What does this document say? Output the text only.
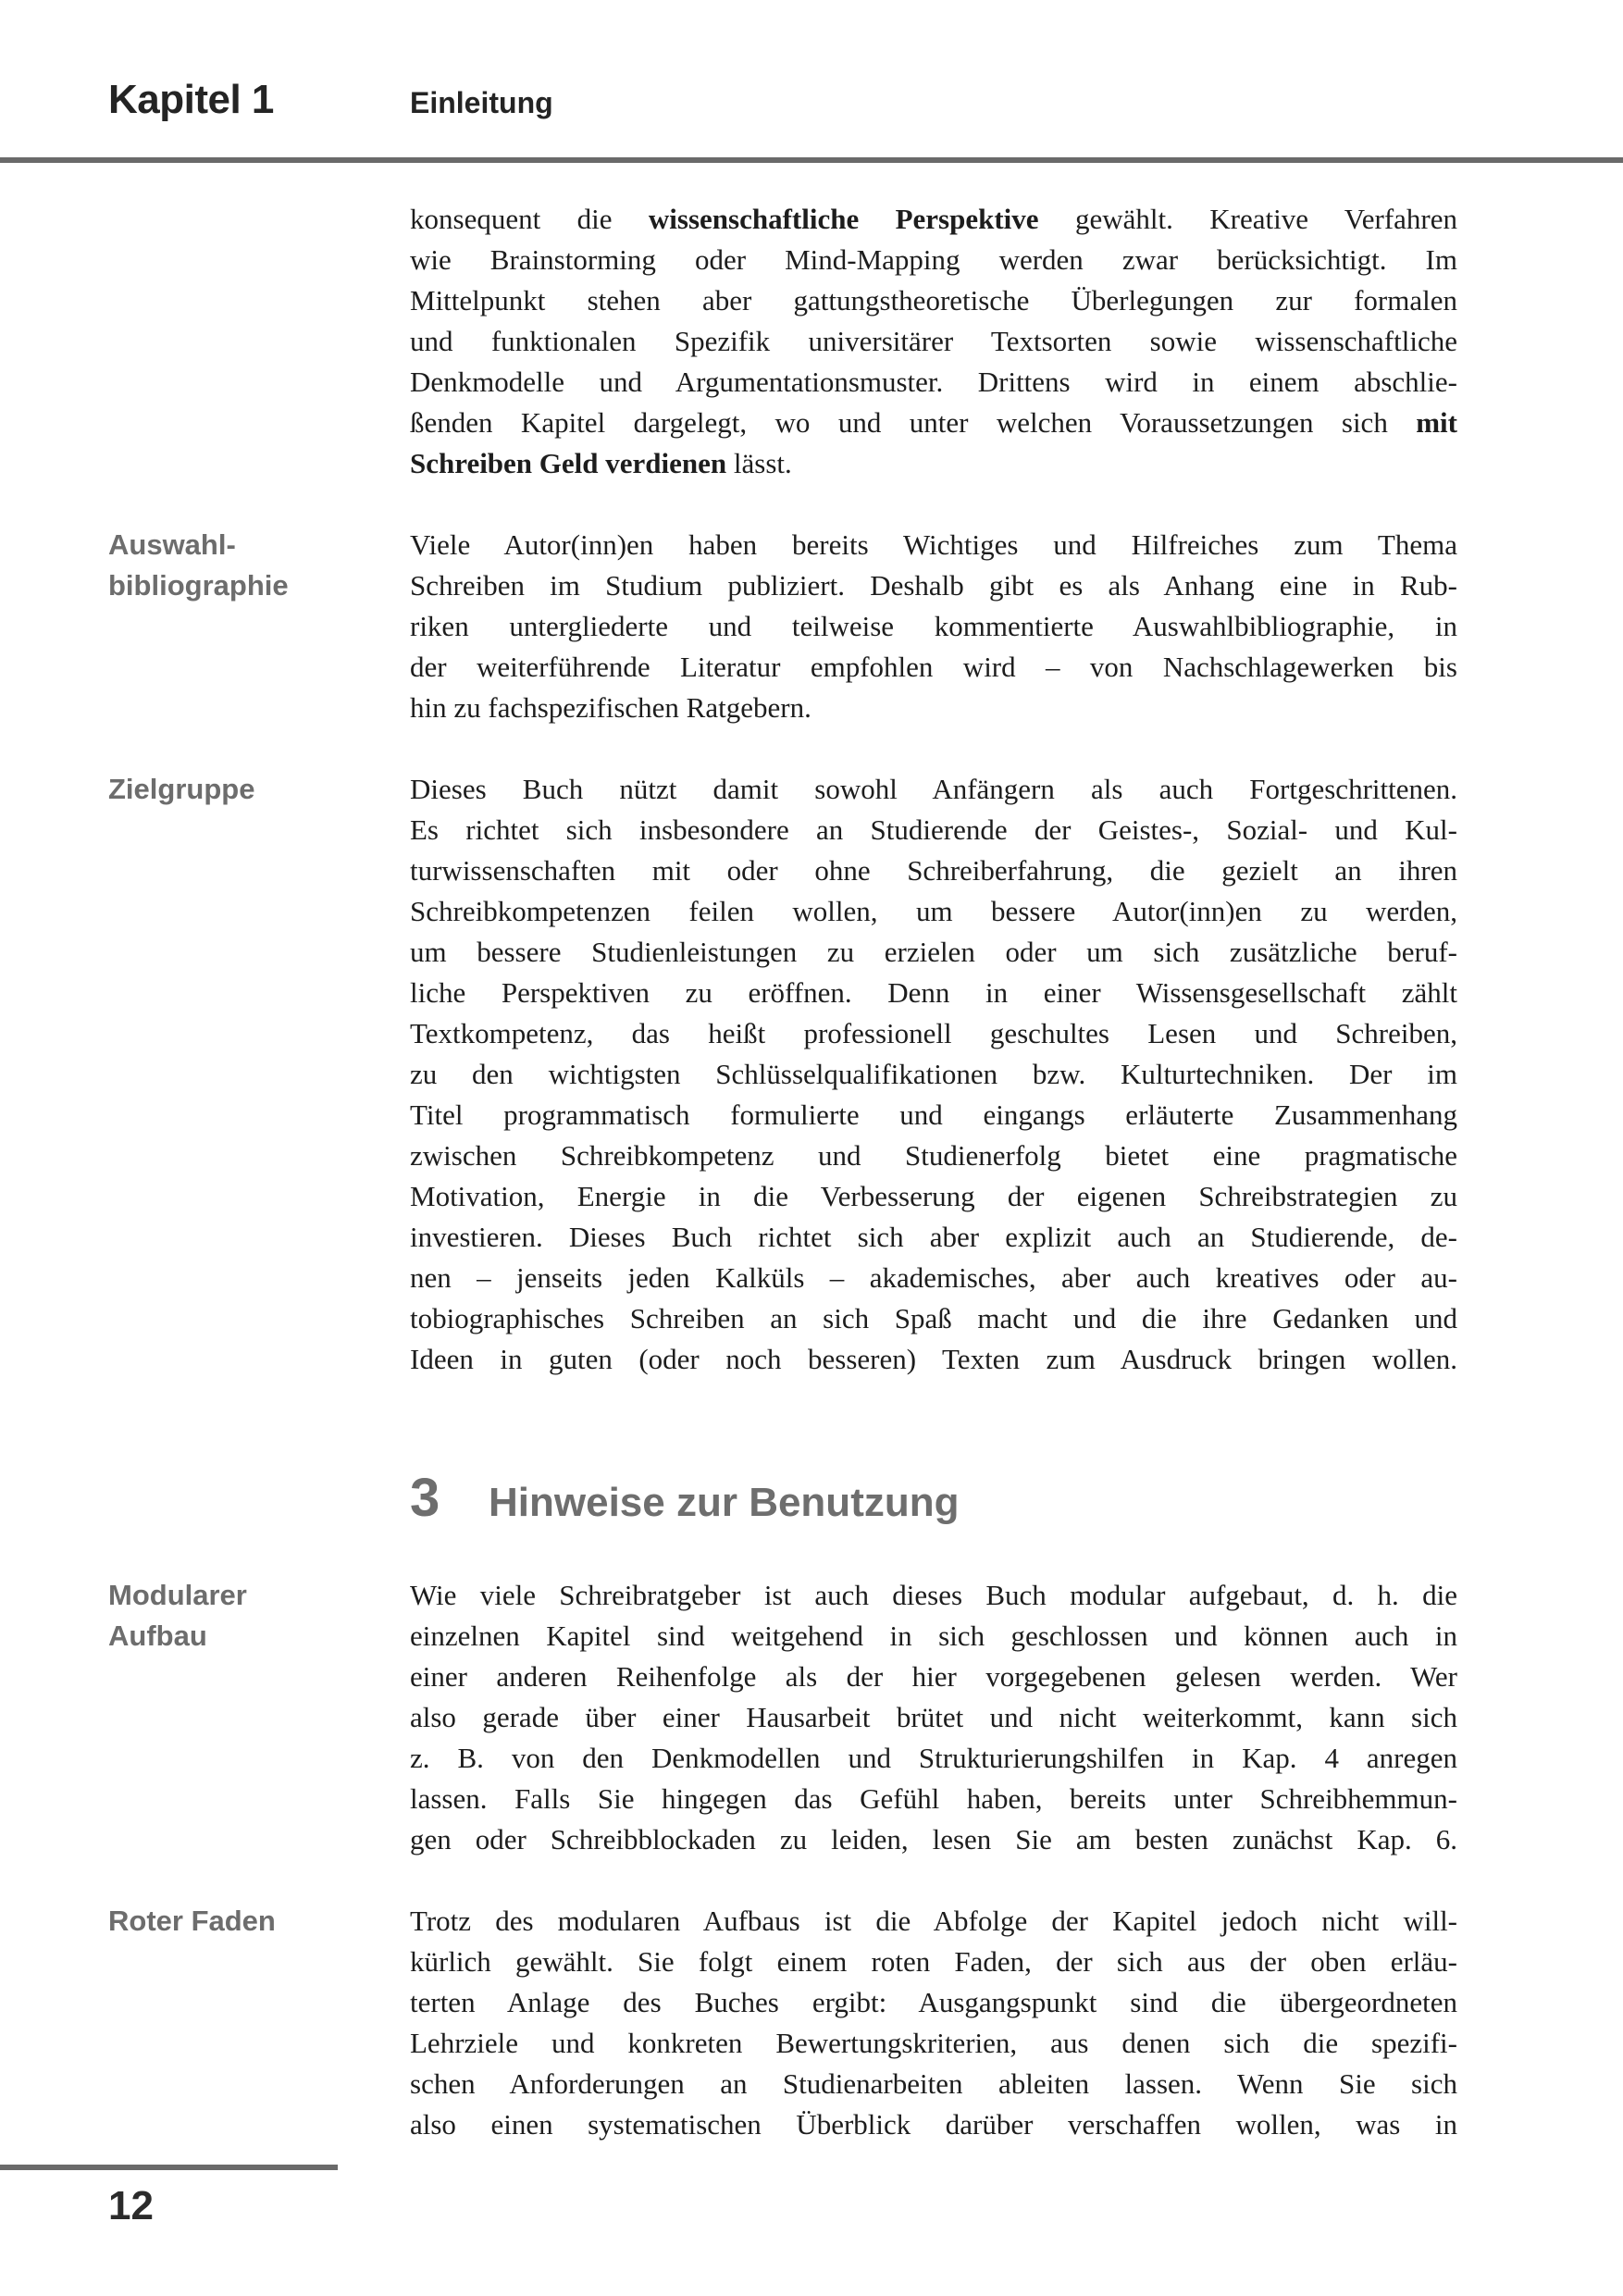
Kapitel 1	Einleitung
konsequent die wissenschaftliche Perspektive gewählt. Kreative Verfahren
wie Brainstorming oder Mind-Mapping werden zwar berücksichtigt. Im
Mittelpunkt stehen aber gattungstheoretische Überlegungen zur formalen
und funktionalen Spezifik universitärer Textsorten sowie wissenschaftliche
Denkmodelle und Argumentationsmuster. Drittens wird in einem abschlie-
ßenden Kapitel dargelegt, wo und unter welchen Voraussetzungen sich mit
Schreiben Geld verdienen lässt.
Auswahl-
bibliographie
Viele Autor(inn)en haben bereits Wichtiges und Hilfreiches zum Thema
Schreiben im Studium publiziert. Deshalb gibt es als Anhang eine in Rub-
riken untergliederte und teilweise kommentierte Auswahlbibliographie, in
der weiterführende Literatur empfohlen wird – von Nachschlagewerken bis
hin zu fachspezifischen Ratgebern.
Zielgruppe	Dieses Buch nützt damit sowohl Anfängern als auch Fortgeschrittenen.
Es richtet sich insbesondere an Studierende der Geistes-, Sozial- und Kul-
turwissenschaften mit oder ohne Schreiberfahrung, die gezielt an ihren
Schreibkompetenzen feilen wollen, um bessere Autor(inn)en zu werden,
um bessere Studienleistungen zu erzielen oder um sich zusätzliche beruf-
liche Perspektiven zu eröffnen. Denn in einer Wissensgesellschaft zählt
Textkompetenz, das heißt professionell geschultes Lesen und Schreiben,
zu den wichtigsten Schlüsselqualifikationen bzw. Kulturtechniken. Der im
Titel programmatisch formulierte und eingangs erläuterte Zusammenhang
zwischen Schreibkompetenz und Studienerfolg bietet eine pragmatische
Motivation, Energie in die Verbesserung der eigenen Schreibstrategien zu
investieren. Dieses Buch richtet sich aber explizit auch an Studierende, de-
nen – jenseits jeden Kalküls – akademisches, aber auch kreatives oder au-
tobiographisches Schreiben an sich Spaß macht und die ihre Gedanken und
Ideen in guten (oder noch besseren) Texten zum Ausdruck bringen wollen.
3	Hinweise zur Benutzung
Modularer
Aufbau
Wie viele Schreibratgeber ist auch dieses Buch modular aufgebaut, d. h. die
einzelnen Kapitel sind weitgehend in sich geschlossen und können auch in
einer anderen Reihenfolge als der hier vorgegebenen gelesen werden. Wer
also gerade über einer Hausarbeit brütet und nicht weiterkommt, kann sich
z. B. von den Denkmodellen und Strukturierungshilfen in Kap. 4 anregen
lassen. Falls Sie hingegen das Gefühl haben, bereits unter Schreibhemmun-
gen oder Schreibblockaden zu leiden, lesen Sie am besten zunächst Kap. 6.
Roter Faden	Trotz des modularen Aufbaus ist die Abfolge der Kapitel jedoch nicht will-
kürlich gewählt. Sie folgt einem roten Faden, der sich aus der oben erläu-
terten Anlage des Buches ergibt: Ausgangspunkt sind die übergeordneten
Lehrziele und konkreten Bewertungskriterien, aus denen sich die spezifi-
schen Anforderungen an Studienarbeiten ableiten lassen. Wenn Sie sich
also einen systematischen Überblick darüber verschaffen wollen, was in
12
